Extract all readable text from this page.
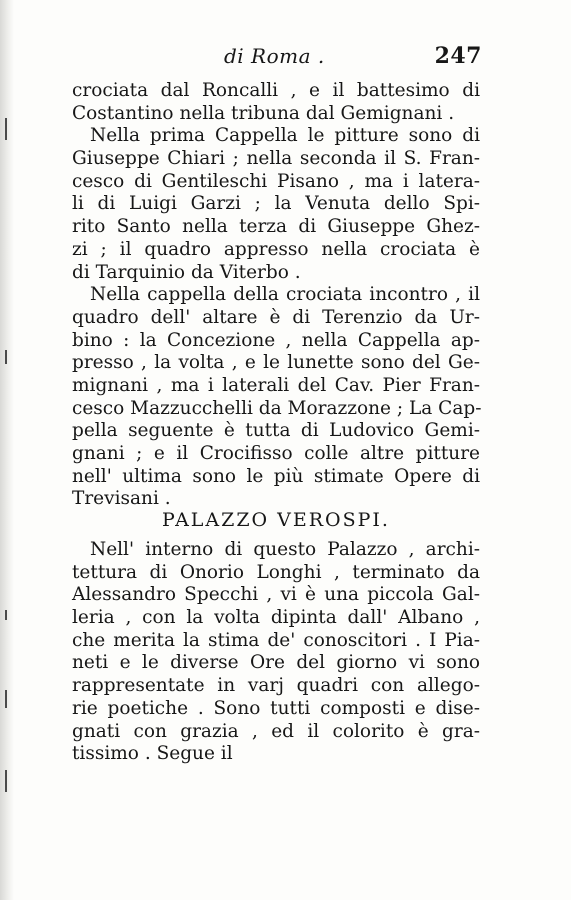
di Roma .	247
crociata dal Roncalli , e il battesimo di
Costantino nella tribuna dal Gemignani .
Nella prima Cappella le pitture sono di
Giuseppe Chiari ; nella seconda il S. Fran-
cesco di Gentileschi Pisano , ma i latera-
li di Luigi Garzi ; la Venuta dello Spi-
rito Santo nella terza di Giuseppe Ghez-
zi ; il quadro appresso nella crociata è
di Tarquinio da Viterbo .
Nella cappella della crociata incontro , il
quadro dell' altare è di Terenzio da Ur-
bino : la Concezione , nella Cappella ap-
presso , la volta , e le lunette sono del Ge-
mignani , ma i laterali del Cav. Pier Fran-
cesco Mazzucchelli da Morazzone ; La Cap-
pella seguente è tutta di Ludovico Gemi-
gnani ; e il Crocifisso colle altre pitture
nell' ultima sono le più stimate Opere di
Trevisani .
PALAZZO VEROSPI.
Nell' interno di questo Palazzo , archi-
tettura di Onorio Longhi , terminato da
Alessandro Specchi , vi è una piccola Gal-
leria , con la volta dipinta dall' Albano ,
che merita la stima de' conoscitori . I Pia-
neti e le diverse Ore del giorno vi sono
rappresentate in varj quadri con allego-
rie poetiche . Sono tutti composti e dise-
gnati con grazia , ed il colorito è gra-
tissimo . Segue il
